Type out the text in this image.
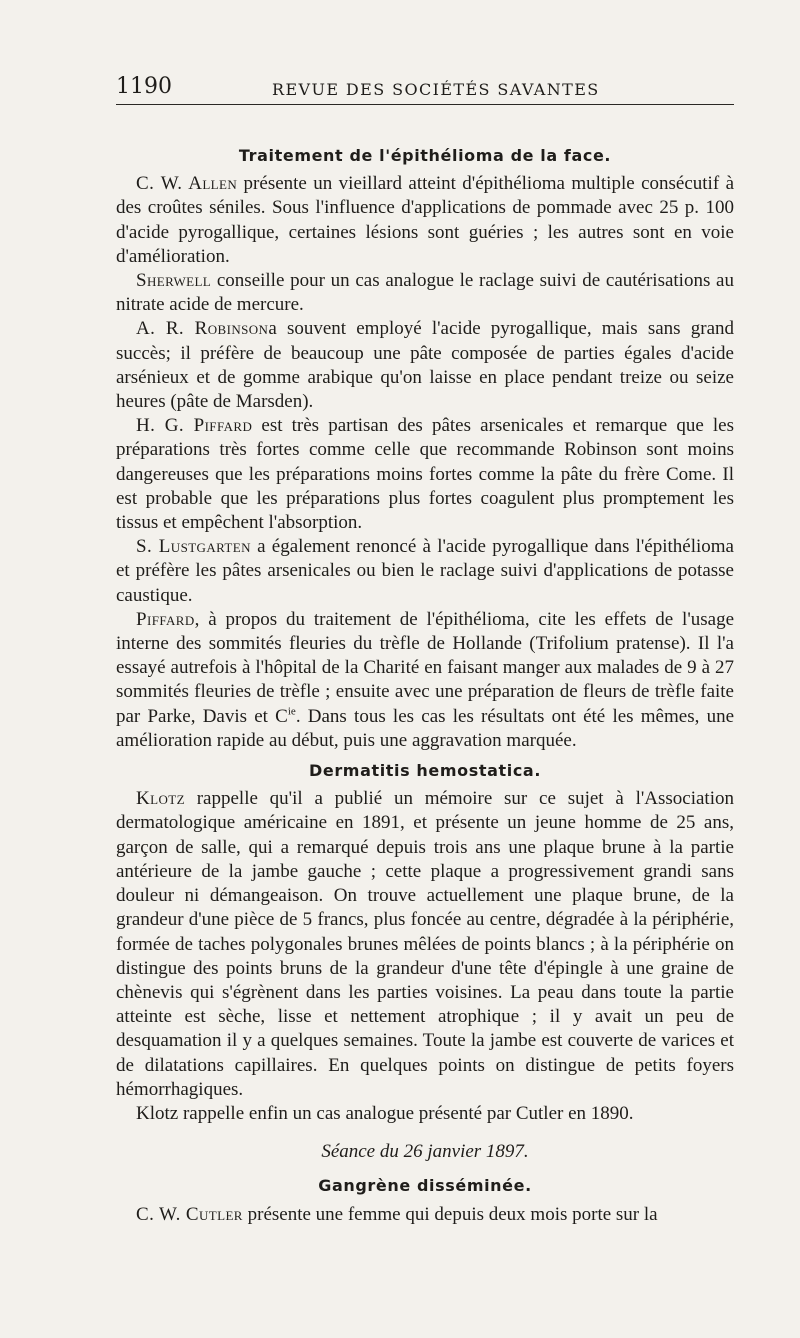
1190	REVUE DES SOCIÉTÉS SAVANTES
Traitement de l'épithélioma de la face.

C. W. Allen présente un vieillard atteint d'épithélioma multiple consécutif à des croûtes séniles. Sous l'influence d'applications de pommade avec 25 p. 100 d'acide pyrogallique, certaines lésions sont guéries ; les autres sont en voie d'amélioration.

Sherwell conseille pour un cas analogue le raclage suivi de cautérisations au nitrate acide de mercure.

A. R. Robinsona souvent employé l'acide pyrogallique, mais sans grand succès; il préfère de beaucoup une pâte composée de parties égales d'acide arsénieux et de gomme arabique qu'on laisse en place pendant treize ou seize heures (pâte de Marsden).

H. G. Piffard est très partisan des pâtes arsenicales et remarque que les préparations très fortes comme celle que recommande Robinson sont moins dangereuses que les préparations moins fortes comme la pâte du frère Come. Il est probable que les préparations plus fortes coagulent plus promptement les tissus et empêchent l'absorption.

S. Lustgarten a également renoncé à l'acide pyrogallique dans l'épithélioma et préfère les pâtes arsenicales ou bien le raclage suivi d'applications de potasse caustique.

Piffard, à propos du traitement de l'épithélioma, cite les effets de l'usage interne des sommités fleuries du trèfle de Hollande (Trifolium pratense). Il l'a essayé autrefois à l'hôpital de la Charité en faisant manger aux malades de 9 à 27 sommités fleuries de trèfle ; ensuite avec une préparation de fleurs de trèfle faite par Parke, Davis et $C^{ie}$. Dans tous les cas les résultats ont été les mêmes, une amélioration rapide au début, puis une aggravation marquée.

Dermatitis hemostatica.

Klotz rappelle qu'il a publié un mémoire sur ce sujet à l'Association dermatologique américaine en 1891, et présente un jeune homme de 25 ans, garçon de salle, qui a remarqué depuis trois ans une plaque brune à la partie antérieure de la jambe gauche ; cette plaque a progressivement grandi sans douleur ni démangeaison. On trouve actuellement une plaque brune, de la grandeur d'une pièce de 5 francs, plus foncée au centre, dégradée à la périphérie, formée de taches polygonales brunes mêlées de points blancs ; à la périphérie on distingue des points bruns de la grandeur d'une tête d'épingle à une graine de chènevis qui s'égrènent dans les parties voisines. La peau dans toute la partie atteinte est sèche, lisse et nettement atrophique ; il y avait un peu de desquamation il y a quelques semaines. Toute la jambe est couverte de varices et de dilatations capillaires. En quelques points on distingue de petits foyers hémorrhagiques.

Klotz rappelle enfin un cas analogue présenté par Cutler en 1890.

Séance du 26 janvier 1897.
Gangrène disséminée.

C. W. Cutler présente une femme qui depuis deux mois porte sur la
